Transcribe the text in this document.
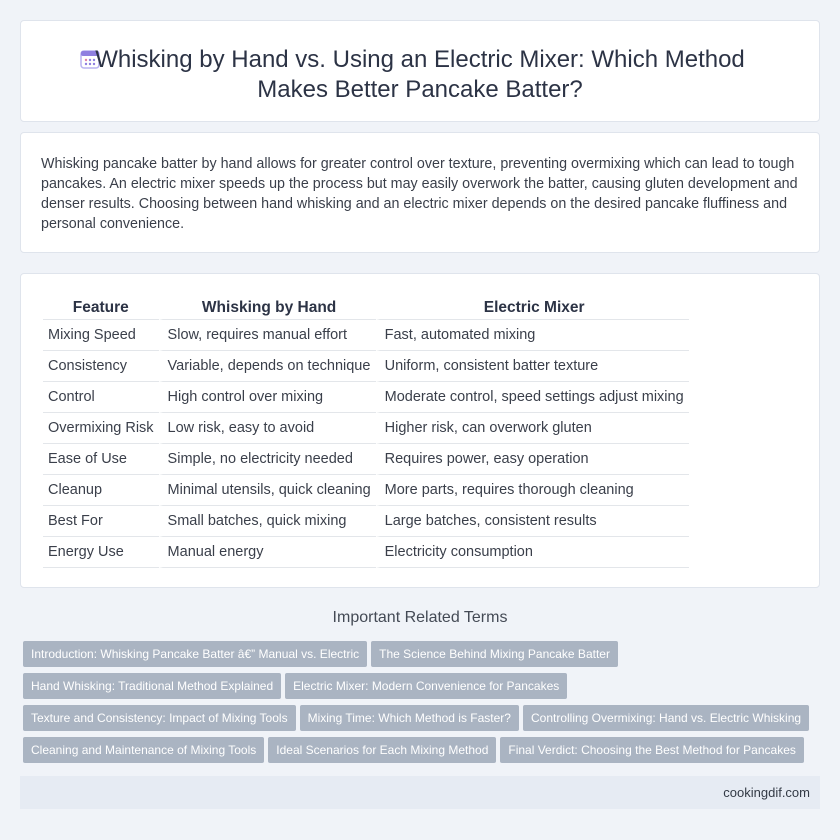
Whisking by Hand vs. Using an Electric Mixer: Which Method Makes Better Pancake Batter?

Whisking pancake batter by hand allows for greater control over texture, preventing overmixing which can lead to tough pancakes. An electric mixer speeds up the process but may easily overwork the batter, causing gluten development and denser results. Choosing between hand whisking and an electric mixer depends on the desired pancake fluffiness and personal convenience.

Feature	Whisking by Hand	Electric Mixer
Mixing Speed	Slow, requires manual effort	Fast, automated mixing
Consistency	Variable, depends on technique	Uniform, consistent batter texture
Control	High control over mixing	Moderate control, speed settings adjust mixing
Overmixing Risk	Low risk, easy to avoid	Higher risk, can overwork gluten
Ease of Use	Simple, no electricity needed	Requires power, easy operation
Cleanup	Minimal utensils, quick cleaning	More parts, requires thorough cleaning
Best For	Small batches, quick mixing	Large batches, consistent results
Energy Use	Manual energy	Electricity consumption
Important Related Terms
Introduction: Whisking Pancake Batter â€” Manual vs. Electric The Science Behind Mixing Pancake Batter
Hand Whisking: Traditional Method Explained Electric Mixer: Modern Convenience for Pancakes
Texture and Consistency: Impact of Mixing Tools Mixing Time: Which Method is Faster? Controlling Overmixing: Hand vs. Electric Whisking
Cleaning and Maintenance of Mixing Tools Ideal Scenarios for Each Mixing Method Final Verdict: Choosing the Best Method for Pancakes
cookingdif.com
